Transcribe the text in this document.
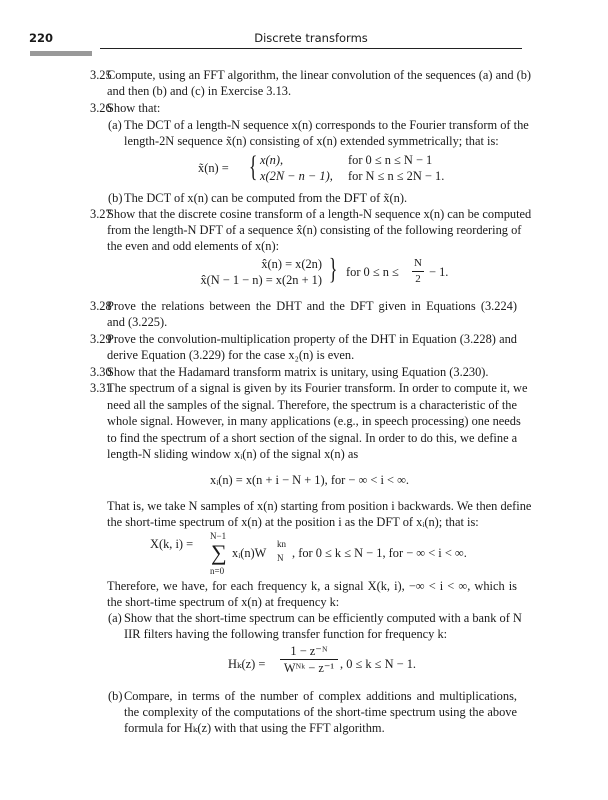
220	Discrete transforms
3.25
Compute, using an FFT algorithm, the linear convolution of the sequences (a) and (b)
and then (b) and (c) in Exercise 3.13.
3.26
Show that:
(a) The DCT of a length-N sequence x(n) corresponds to the Fourier transform of the
length-2N sequence x̃(n) consisting of x(n) extended symmetrically; that is:
x̃(n) = { x(n),	for 0 ≤ n ≤ N − 1
x(2N − n − 1), for N ≤ n ≤ 2N − 1.
(b) The DCT of x(n) can be computed from the DFT of x̃(n).
3.27
Show that the discrete cosine transform of a length-N sequence x(n) can be computed
from the length-N DFT of a sequence x̂(n) consisting of the following reordering of
the even and odd elements of x(n):
x̂(n) = x(2n)
x̂(N − 1 − n) = x(2n + 1) { for 0 ≤ n ≤
N
2 − 1.
3.28
Prove the relations between the DHT and the DFT given in Equations (3.224)
and (3.225).
3.29
Prove the convolution-multiplication property of the DHT in Equation (3.228) and
derive Equation (3.229) for the case x₂(n) is even.
3.30
Show that the Hadamard transform matrix is unitary, using Equation (3.230).
3.31
The spectrum of a signal is given by its Fourier transform. In order to compute it, we
need all the samples of the signal. Therefore, the spectrum is a characteristic of the
whole signal. However, in many applications (e.g., in speech processing) one needs
to find the spectrum of a short section of the signal. In order to do this, we define a
length-N sliding window xᵢ(n) of the signal x(n) as
xᵢ(n) = x(n + i − N + 1), for − ∞ < i < ∞.
That is, we take N samples of x(n) starting from position i backwards. We then define
the short-time spectrum of x(n) at the position i as the DFT of xᵢ(n); that is:
X(k, i) =
N−1
∑
n=0
xᵢ(n)W
kn
N , for 0 ≤ k ≤ N − 1, for − ∞ < i < ∞.
Therefore, we have, for each frequency k, a signal X(k, i), −∞ < i < ∞, which is
the short-time spectrum of x(n) at frequency k:
(a) Show that the short-time spectrum can be efficiently computed with a bank of N
IIR filters having the following transfer function for frequency k:
Hₖ(z) =
1 − z⁻ᴺ
Wᴺᵏ − z⁻¹ , 0 ≤ k ≤ N − 1.
(b) Compare, in terms of the number of complex additions and multiplications,
the complexity of the computations of the short-time spectrum using the above
formula for Hₖ(z) with that using the FFT algorithm.
